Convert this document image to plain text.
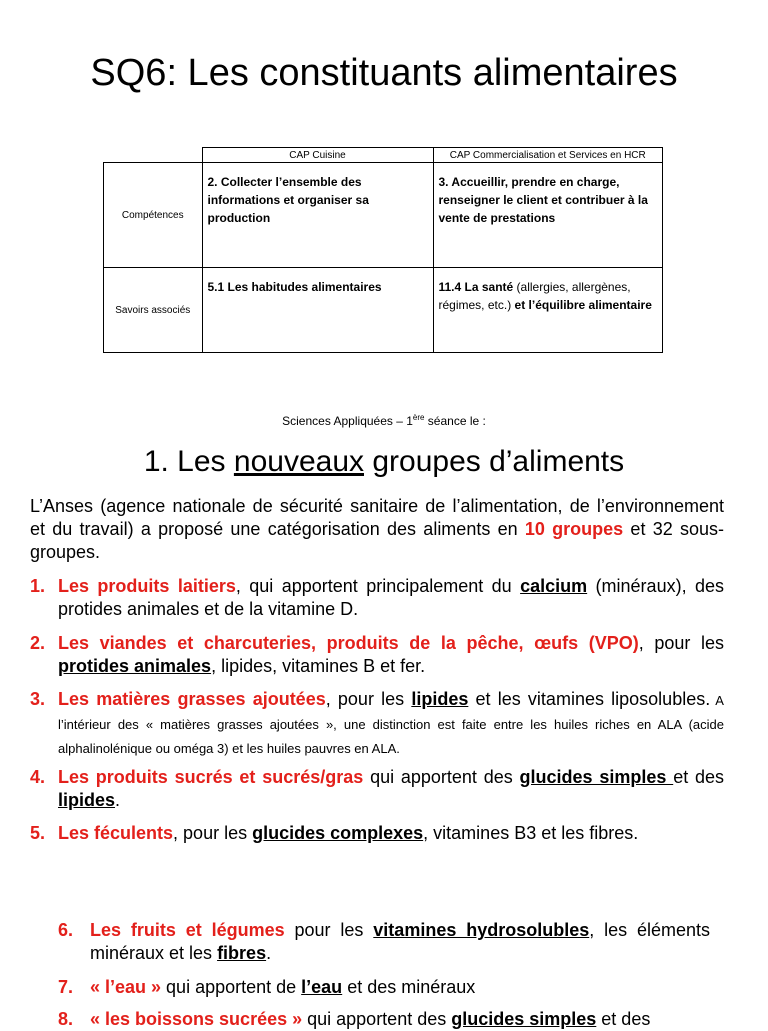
SQ6: Les constituants alimentaires
	CAP Cuisine	CAP Commercialisation et Services en HCR
Compétences	2. Collecter l’ensemble des informations et organiser sa production	3. Accueillir, prendre en charge, renseigner le client et contribuer à la vente de prestations

Savoirs associés	5.1 Les habitudes alimentaires	11.4 La santé (allergies, allergènes, régimes, etc.) et l’équilibre alimentaire
Sciences Appliquées – 1ère séance le :
1. Les nouveaux groupes d’aliments
L’Anses (agence nationale de sécurité sanitaire de l’alimentation, de l’environnement et du travail) a proposé une catégorisation des aliments en 10 groupes et 32 sous-groupes.
1. Les produits laitiers, qui apportent principalement du calcium (minéraux), des protides animales et de la vitamine D.
2. Les viandes et charcuteries, produits de la pêche, œufs (VPO), pour les protides animales, lipides, vitamines B et fer.
3. Les matières grasses ajoutées, pour les lipides et les vitamines liposolubles. A l’intérieur des « matières grasses ajoutées », une distinction est faite entre les huiles riches en ALA (acide alphalinolénique ou oméga 3) et les huiles pauvres en ALA.
4. Les produits sucrés et sucrés/gras qui apportent des glucides simples et des lipides.
5. Les féculents, pour les glucides complexes, vitamines B3 et les fibres.
6. Les fruits et légumes pour les vitamines hydrosolubles, les éléments minéraux et les fibres.
7. « l’eau » qui apportent de l’eau et des minéraux
8. « les boissons sucrées » qui apportent des glucides simples et des
